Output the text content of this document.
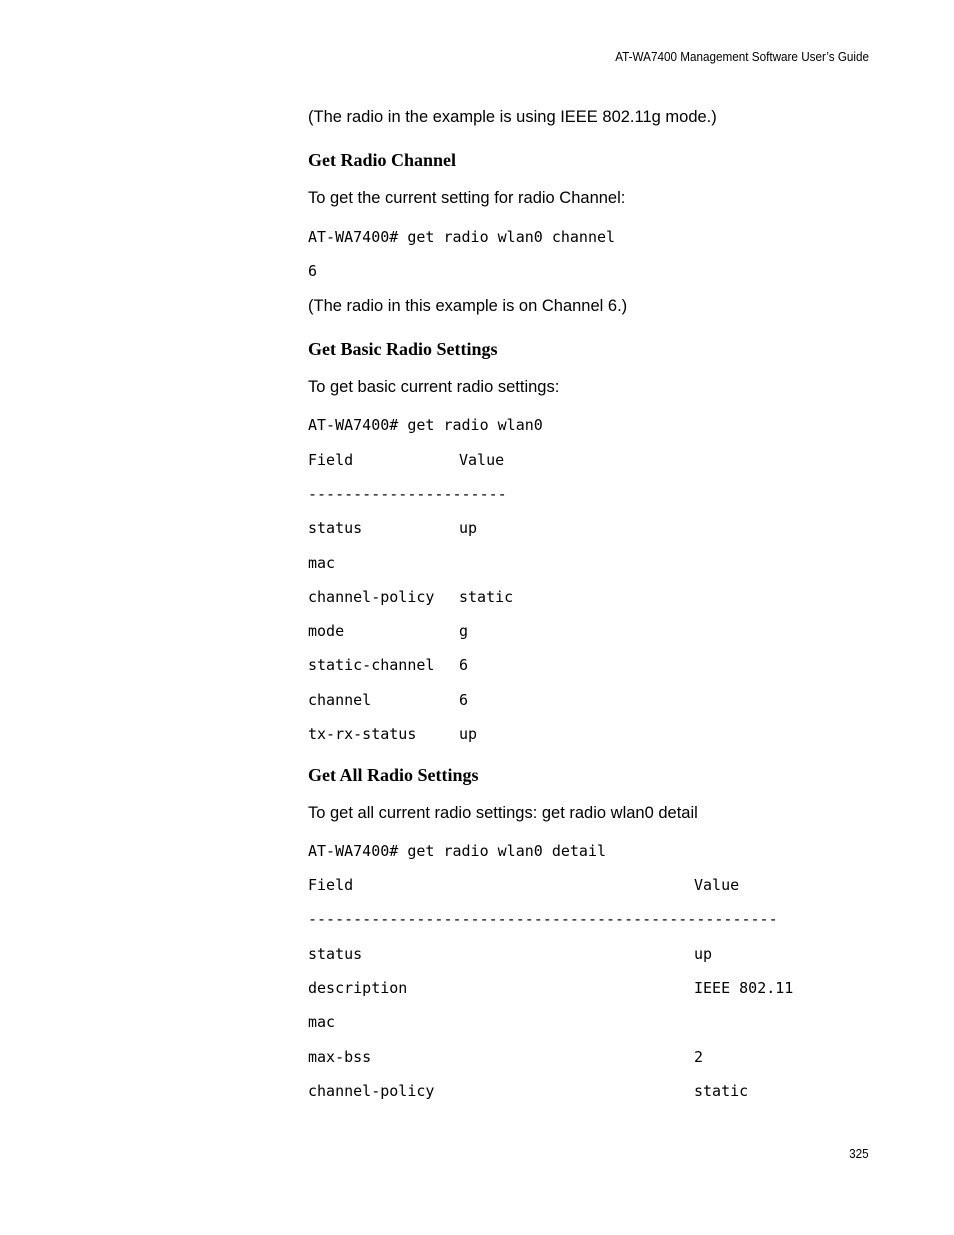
AT-WA7400 Management Software User’s Guide

(The radio in the example is using IEEE 802.11g mode.)

Get Radio Channel

To get the current setting for radio Channel:

AT-WA7400# get radio wlan0 channel
6

(The radio in this example is on Channel 6.)

Get Basic Radio Settings

To get basic current radio settings:

AT-WA7400# get radio wlan0
Field	Value
----------------------
status	up
mac
channel-policy static
mode	g
static-channel 6
channel	6
tx-rx-status	up
Get All Radio Settings

To get all current radio settings: get radio wlan0 detail

AT-WA7400# get radio wlan0 detail
Field	Value
----------------------------------------------------
status	up
description	IEEE 802.11
mac
max-bss	2
channel-policy	static
325
